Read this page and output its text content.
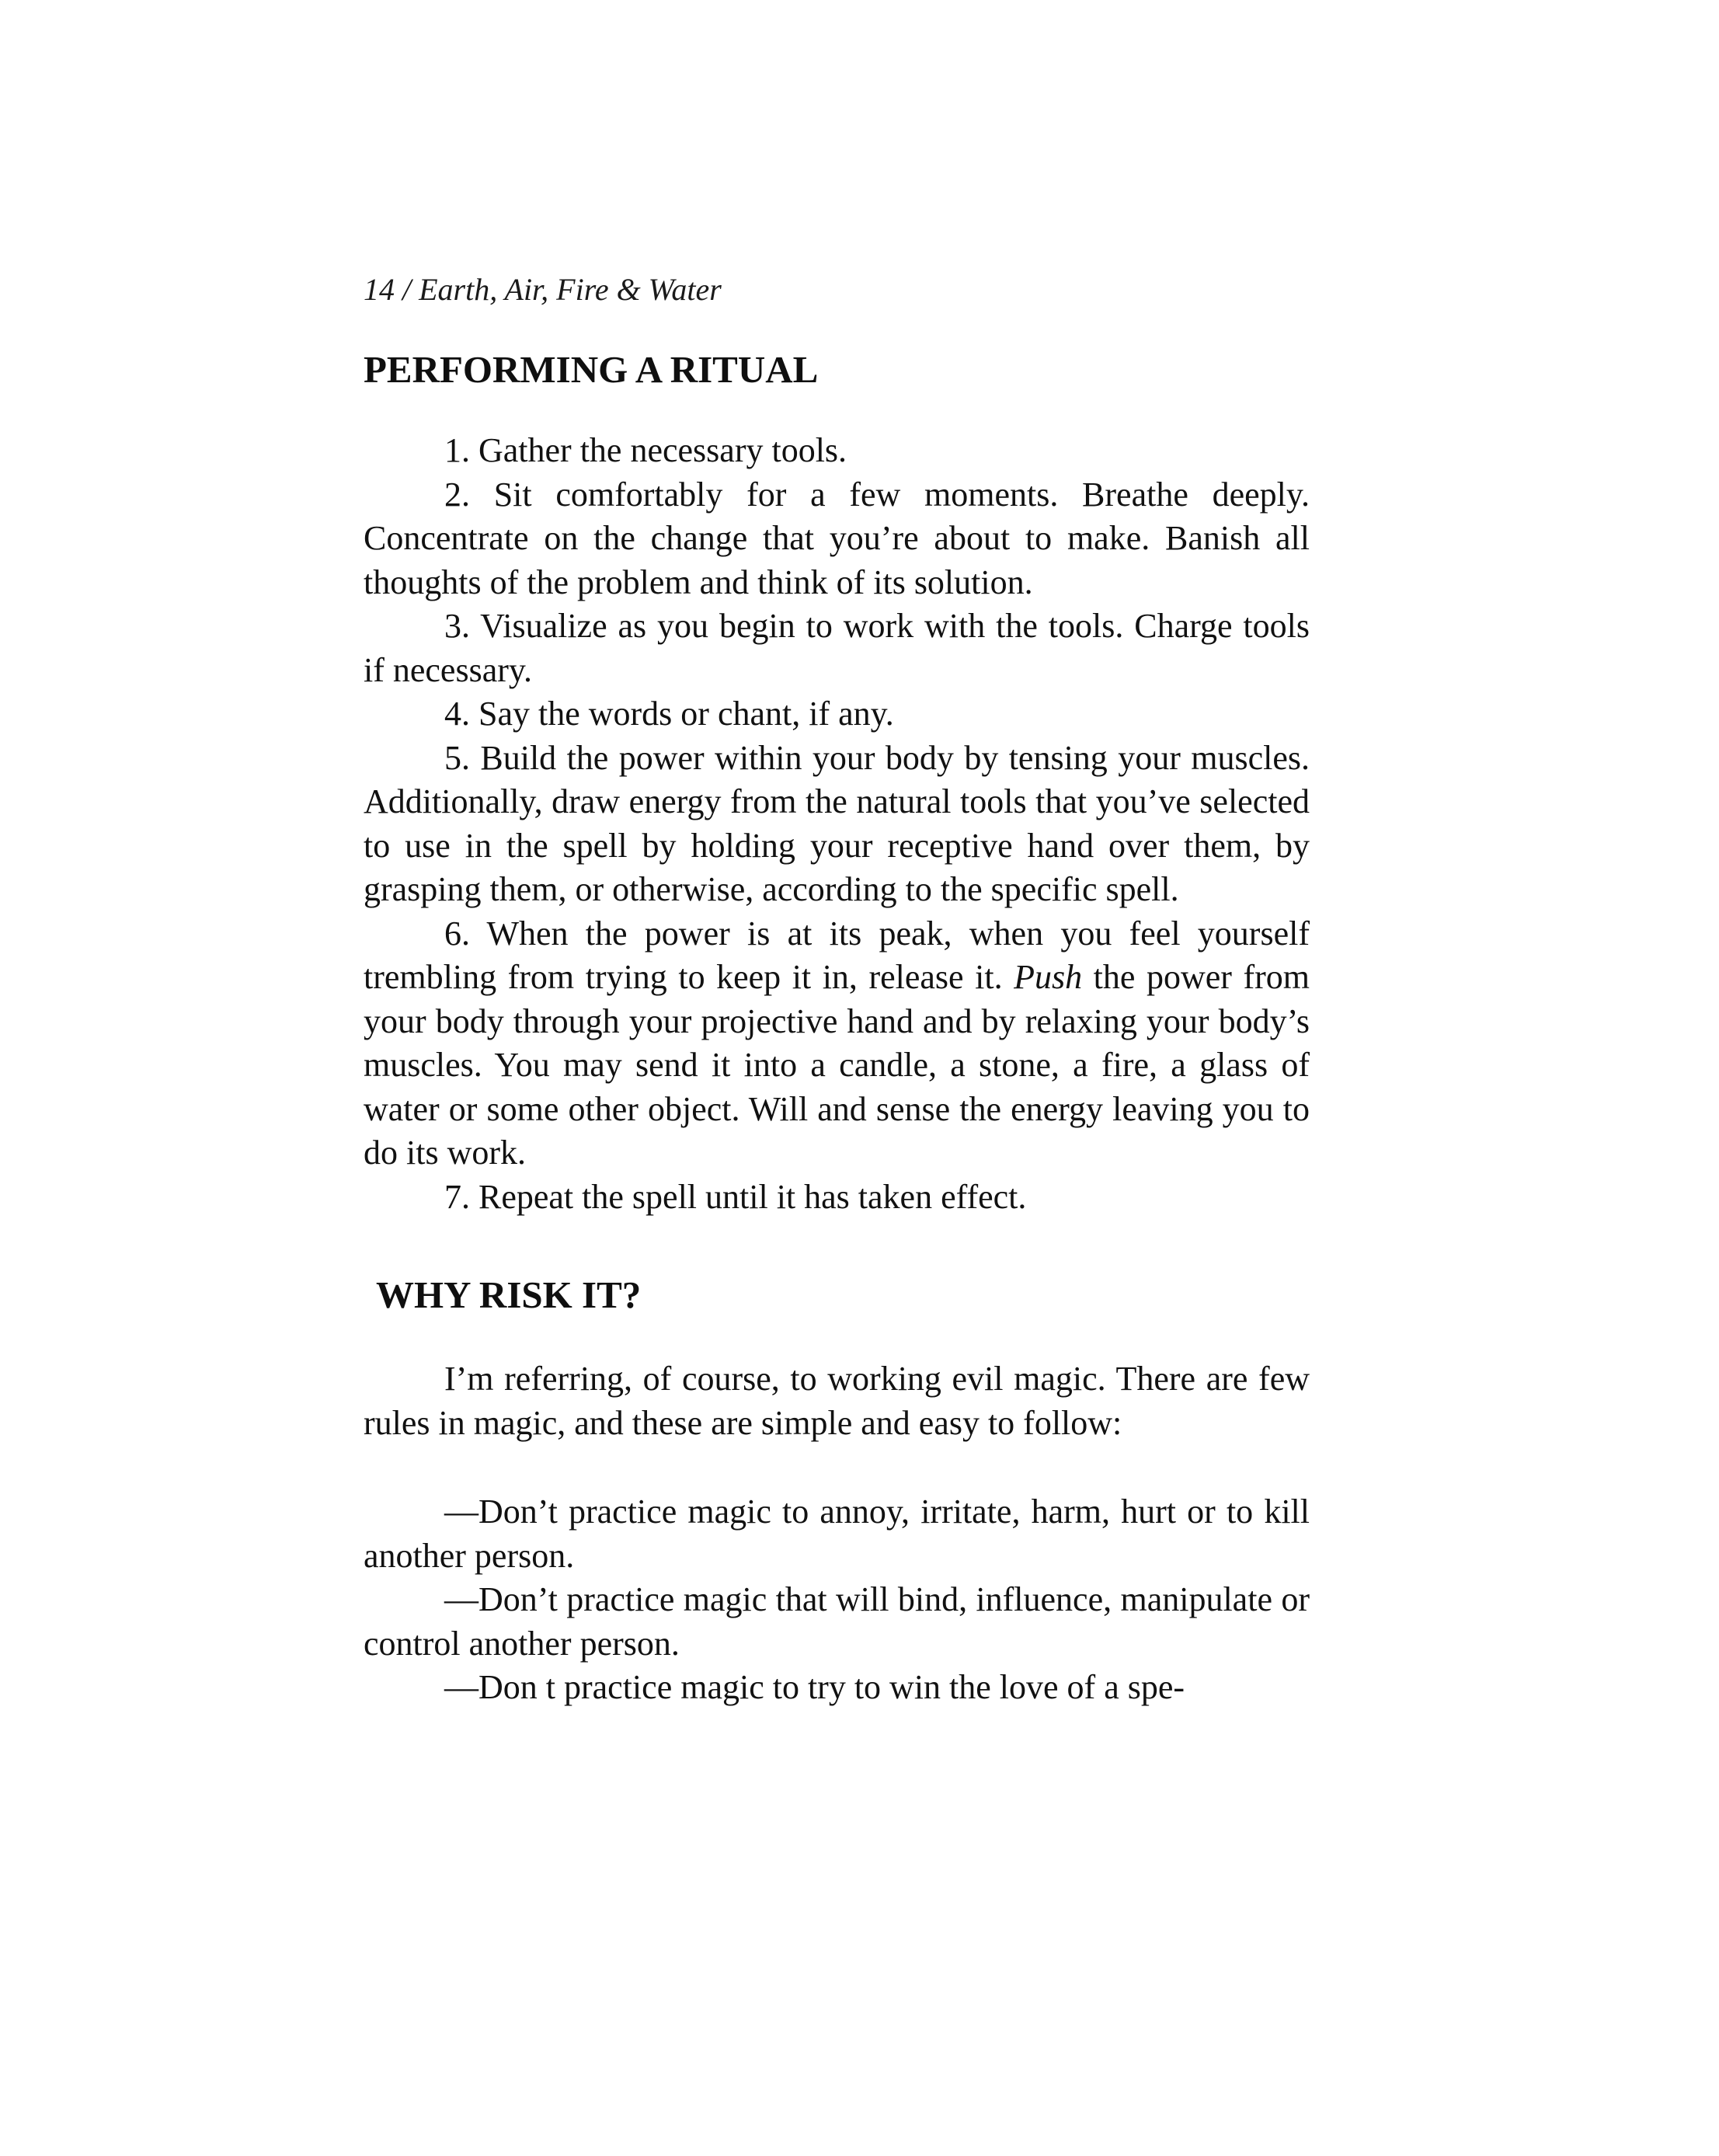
14 / Earth, Air, Fire & Water

PERFORMING A RITUAL

1. Gather the necessary tools.

2. Sit comfortably for a few moments. Breathe deeply. Concentrate on the change that you’re about to make. Banish all thoughts of the problem and think of its solution.

3. Visualize as you begin to work with the tools. Charge tools if necessary.

4. Say the words or chant, if any.

5. Build the power within your body by tensing your muscles. Additionally, draw energy from the natural tools that you’ve selected to use in the spell by holding your receptive hand over them, by grasping them, or otherwise, according to the specific spell.

6. When the power is at its peak, when you feel yourself trembling from trying to keep it in, release it. Push the power from your body through your projective hand and by relaxing your body’s muscles. You may send it into a candle, a stone, a fire, a glass of water or some other object. Will and sense the energy leaving you to do its work.

7. Repeat the spell until it has taken effect.

WHY RISK IT?

I’m referring, of course, to working evil magic. There are few rules in magic, and these are simple and easy to follow:

—Don’t practice magic to annoy, irritate, harm, hurt or to kill another person.

—Don’t practice magic that will bind, influence, manipulate or control another person.

—Don t practice magic to try to win the love of a spe-
